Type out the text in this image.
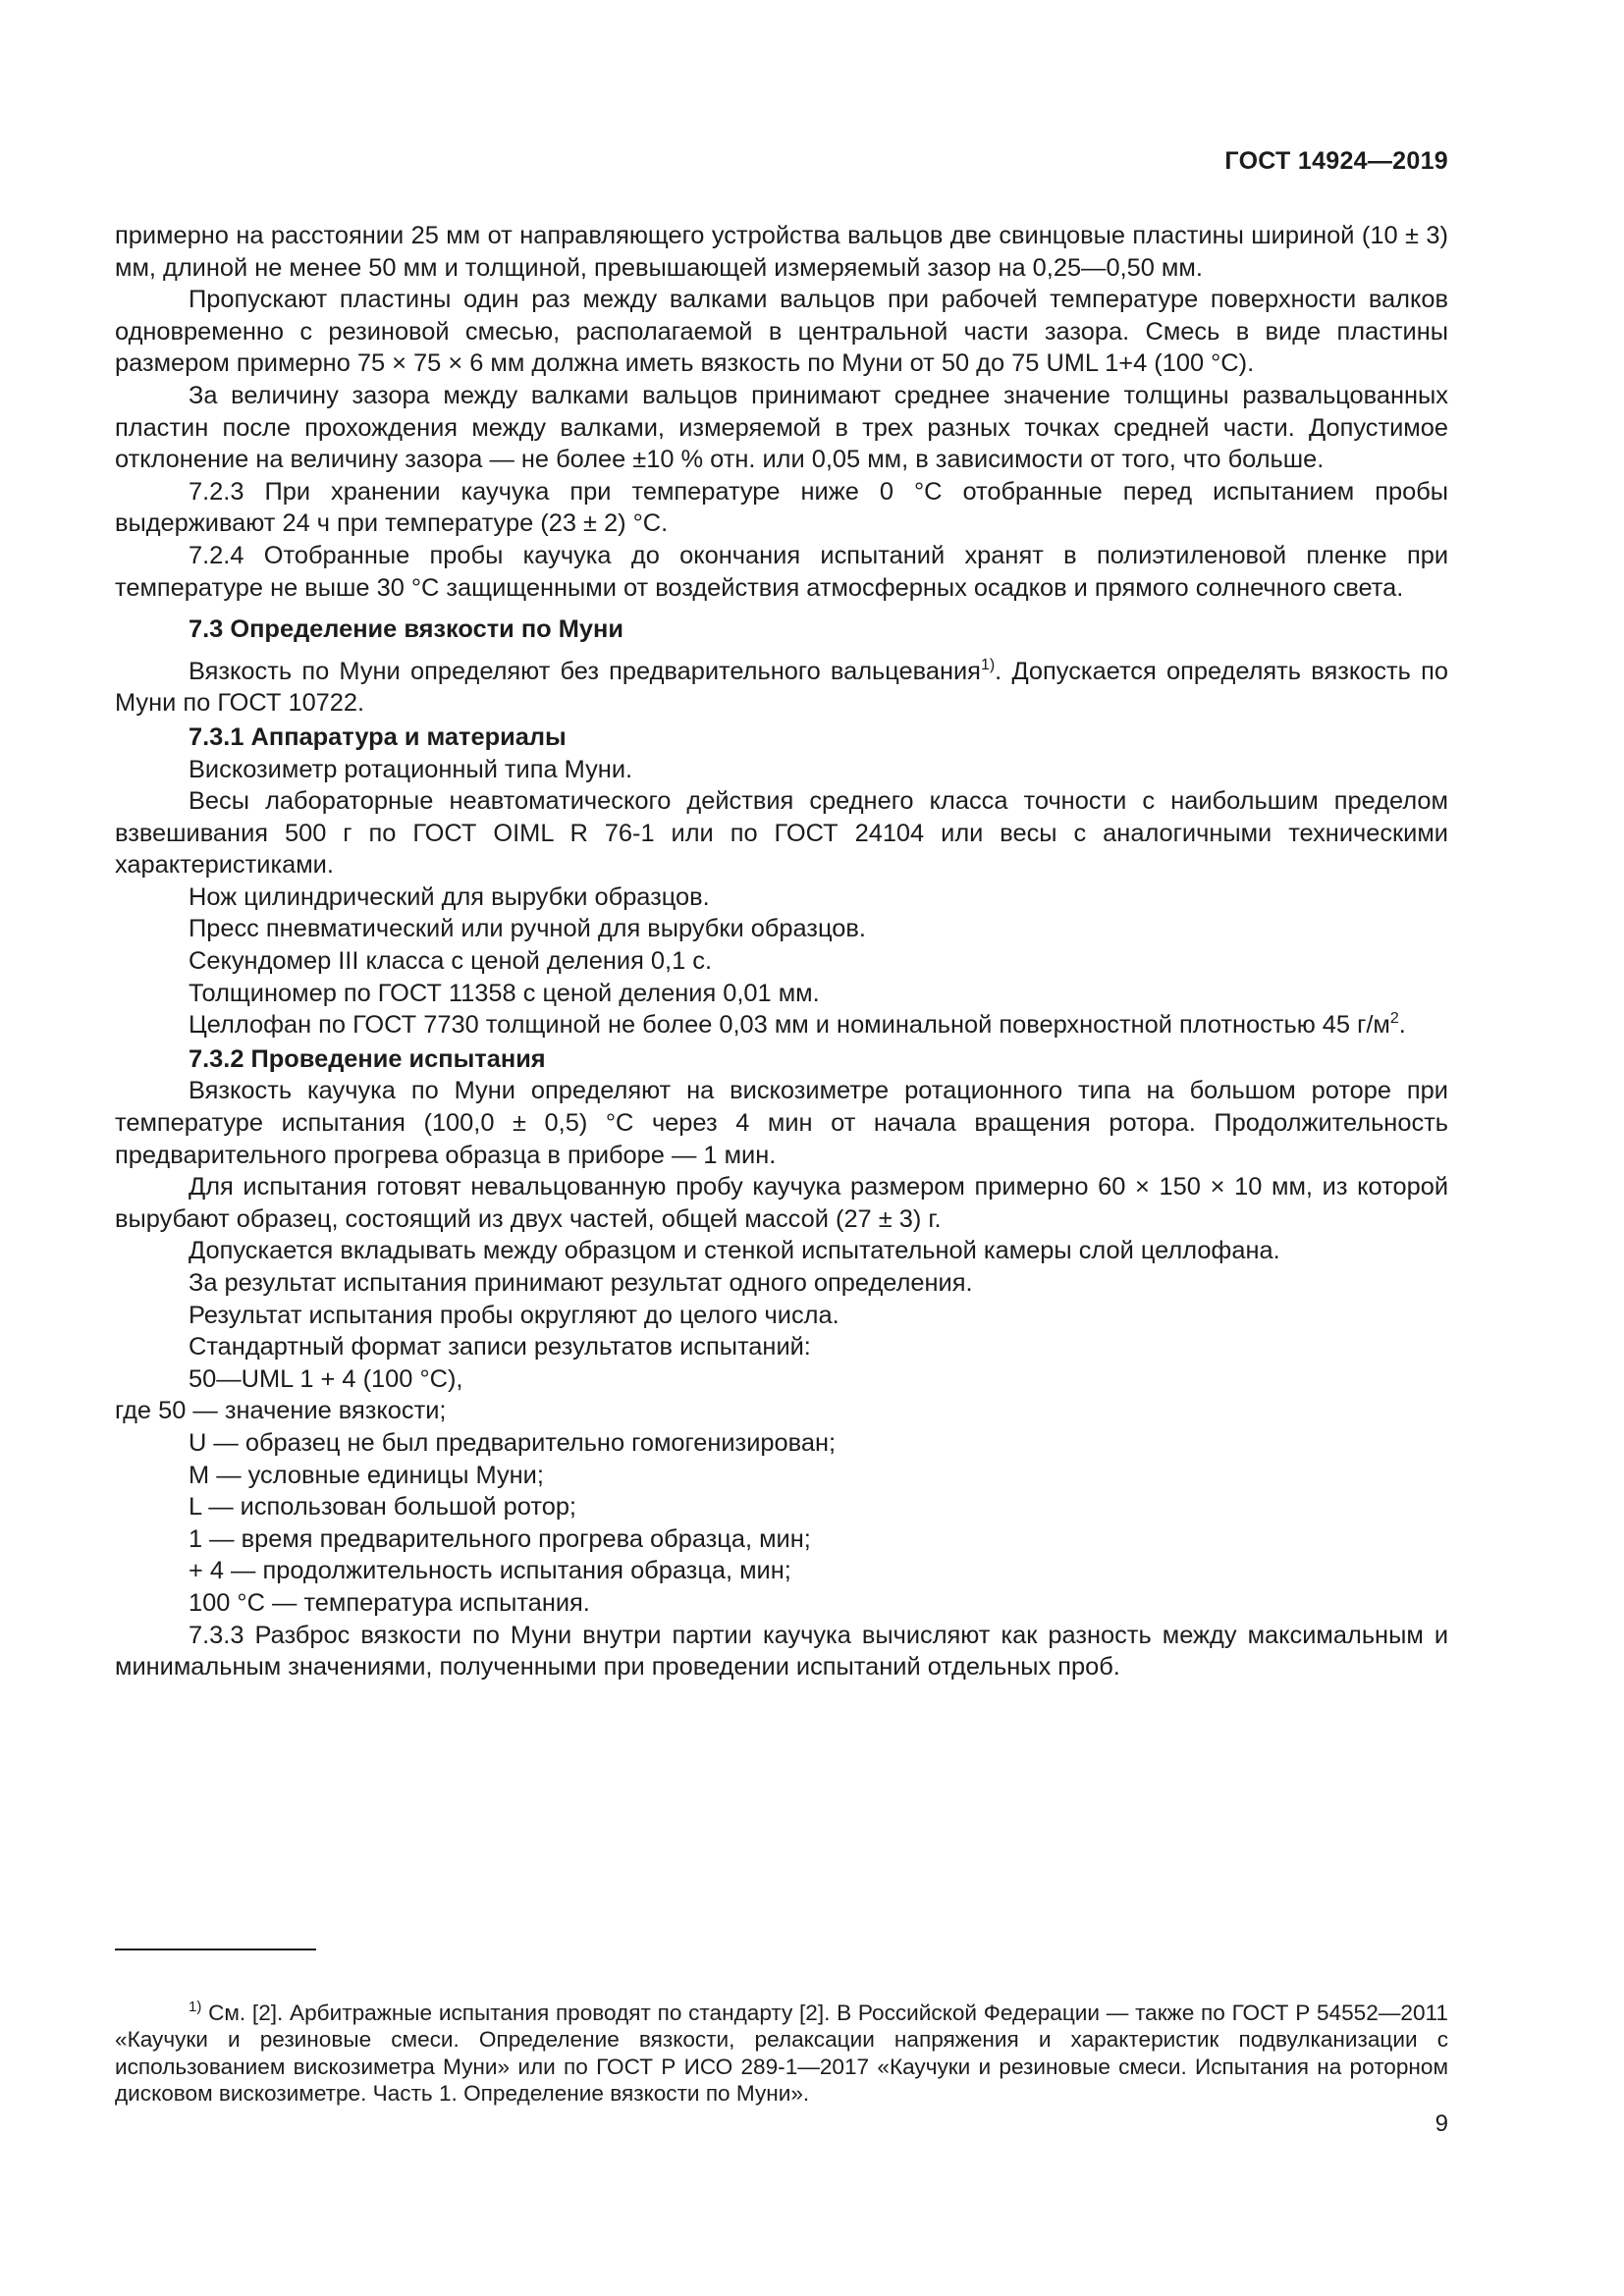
ГОСТ 14924—2019

примерно на расстоянии 25 мм от направляющего устройства вальцов две свинцовые пластины шириной (10 ± 3) мм, длиной не менее 50 мм и толщиной, превышающей измеряемый зазор на 0,25—0,50 мм.

Пропускают пластины один раз между валками вальцов при рабочей температуре поверхности валков одновременно с резиновой смесью, располагаемой в центральной части зазора. Смесь в виде пластины размером примерно 75 × 75 × 6 мм должна иметь вязкость по Муни от 50 до 75 UML 1+4 (100 °С).

За величину зазора между валками вальцов принимают среднее значение толщины развальцованных пластин после прохождения между валками, измеряемой в трех разных точках средней части. Допустимое отклонение на величину зазора — не более ±10 % отн. или 0,05 мм, в зависимости от того, что больше.

7.2.3 При хранении каучука при температуре ниже 0 °С отобранные перед испытанием пробы выдерживают 24 ч при температуре (23 ± 2) °С.

7.2.4 Отобранные пробы каучука до окончания испытаний хранят в полиэтиленовой пленке при температуре не выше 30 °С защищенными от воздействия атмосферных осадков и прямого солнечного света.

7.3 Определение вязкости по Муни

Вязкость по Муни определяют без предварительного вальцевания$^{1)}$. Допускается определять вязкость по Муни по ГОСТ 10722.

7.3.1 Аппаратура и материалы

Вискозиметр ротационный типа Муни.

Весы лабораторные неавтоматического действия среднего класса точности с наибольшим пределом взвешивания 500 г по ГОСТ OIML R 76-1 или по ГОСТ 24104 или весы с аналогичными техническими характеристиками.

Нож цилиндрический для вырубки образцов.

Пресс пневматический или ручной для вырубки образцов.

Секундомер III класса с ценой деления 0,1 с.

Толщиномер по ГОСТ 11358 с ценой деления 0,01 мм.

Целлофан по ГОСТ 7730 толщиной не более 0,03 мм и номинальной поверхностной плотностью 45 $г/м^2$.

7.3.2 Проведение испытания

Вязкость каучука по Муни определяют на вискозиметре ротационного типа на большом роторе при температуре испытания (100,0 ± 0,5) °С через 4 мин от начала вращения ротора. Продолжительность предварительного прогрева образца в приборе — 1 мин.

Для испытания готовят невальцованную пробу каучука размером примерно 60 × 150 × 10 мм, из которой вырубают образец, состоящий из двух частей, общей массой (27 ± 3) г.

Допускается вкладывать между образцом и стенкой испытательной камеры слой целлофана.

За результат испытания принимают результат одного определения.

Результат испытания пробы округляют до целого числа.

Стандартный формат записи результатов испытаний:

50—UML 1 + 4 (100 °С),

где 50 — значение вязкости;

U — образец не был предварительно гомогенизирован;

M — условные единицы Муни;

L — использован большой ротор;

1 — время предварительного прогрева образца, мин;

+ 4 — продолжительность испытания образца, мин;

100 °С — температура испытания.

7.3.3 Разброс вязкости по Муни внутри партии каучука вычисляют как разность между максимальным и минимальным значениями, полученными при проведении испытаний отдельных проб.

$^{1)}$ См. [2]. Арбитражные испытания проводят по стандарту [2]. В Российской Федерации — также по ГОСТ Р 54552—2011 «Каучуки и резиновые смеси. Определение вязкости, релаксации напряжения и характеристик подвулканизации с использованием вискозиметра Муни» или по ГОСТ Р ИСО 289-1—2017 «Каучуки и резиновые смеси. Испытания на роторном дисковом вискозиметре. Часть 1. Определение вязкости по Муни».

9
